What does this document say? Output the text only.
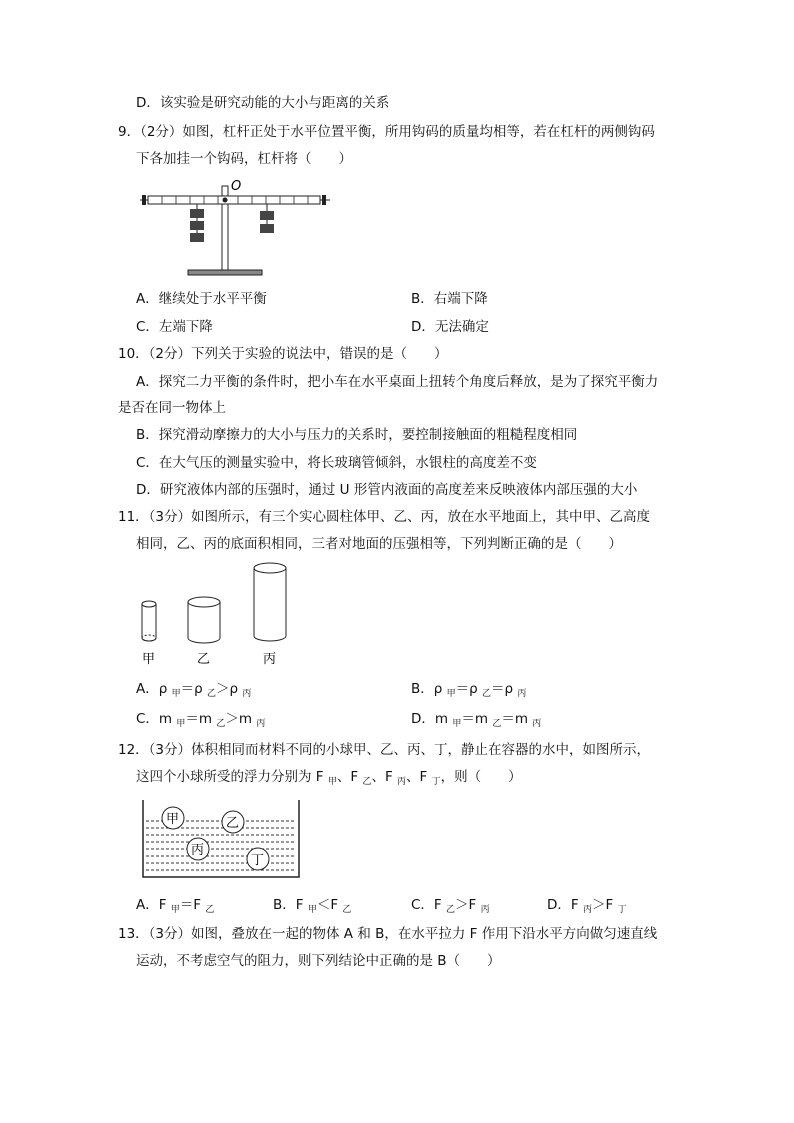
D．该实验是研究动能的大小与距离的关系
9．（2分）如图，杠杆正处于水平位置平衡，所用钩码的质量均相等，若在杠杆的两侧钩码
下各加挂一个钩码，杠杆将（　　）
O
A．继续处于水平平衡	B．右端下降
C．左端下降	D．无法确定
10．（2分）下列关于实验的说法中，错误的是（　　）
A．探究二力平衡的条件时，把小车在水平桌面上扭转个角度后释放，是为了探究平衡力
是否在同一物体上
B．探究滑动摩擦力的大小与压力的关系时，要控制接触面的粗糙程度相同
C．在大气压的测量实验中，将长玻璃管倾斜，水银柱的高度差不变
D．研究液体内部的压强时，通过 U 形管内液面的高度差来反映液体内部压强的大小
11．（3分）如图所示，有三个实心圆柱体甲、乙、丙，放在水平地面上，其中甲、乙高度
相同，乙、丙的底面积相同，三者对地面的压强相等，下列判断正确的是（　　）
甲	乙	丙
A．ρ $_甲$＝ρ $_乙$＞ρ $_丙$	B．ρ $_甲$＝ρ $_乙$＝ρ $_丙$
C．m $_甲$＝m $_乙$＞m $_丙$	D．m $_甲$＝m $_乙$＝m $_丙$
12．（3分）体积相同而材料不同的小球甲、乙、丙、丁，静止在容器的水中，如图所示，
这四个小球所受的浮力分别为 F $_甲$、F $_乙$、F $_丙$、F $_丁$，则（　　）
甲	乙
丙
丁
A．F $_甲$＝F $_乙$	B．F $_甲$＜F $_乙$	C．F $_乙$＞F $_丙$	D．F $_丙$＞F $_丁$
13．（3分）如图，叠放在一起的物体 A 和 B，在水平拉力 F 作用下沿水平方向做匀速直线
运动，不考虑空气的阻力，则下列结论中正确的是 B（　　）
